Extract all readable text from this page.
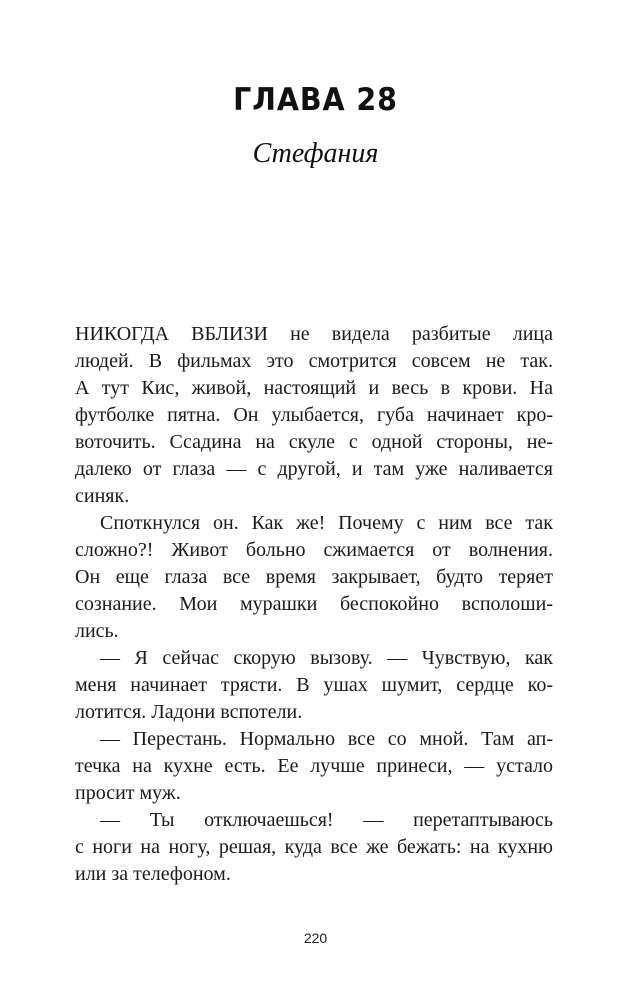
ГЛАВА 28
Стефания
НИКОГДА ВБЛИЗИ не видела разбитые лица
людей. В фильмах это смотрится совсем не так.
А тут Кис, живой, настоящий и весь в крови. На
футболке пятна. Он улыбается, губа начинает кро-
воточить. Ссадина на скуле с одной стороны, не-
далеко от глаза — с другой, и там уже наливается
синяк.
Споткнулся он. Как же! Почему с ним все так
сложно?! Живот больно сжимается от волнения.
Он еще глаза все время закрывает, будто теряет
сознание. Мои мурашки беспокойно всполоши-
лись.
— Я сейчас скорую вызову. — Чувствую, как
меня начинает трясти. В ушах шумит, сердце ко-
лотится. Ладони вспотели.
— Перестань. Нормально все со мной. Там ап-
течка на кухне есть. Ее лучше принеси, — устало
просит муж.
— Ты отключаешься! — перетаптываюсь
с ноги на ногу, решая, куда все же бежать: на кухню
или за телефоном.
220
